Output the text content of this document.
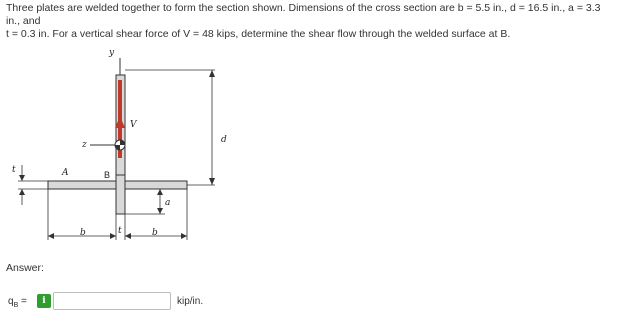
Three plates are welded together to form the section shown. Dimensions of the cross section are b = 5.5 in., d = 16.5 in., a = 3.3 in., and
t = 0.3 in. For a vertical shear force of V = 48 kips, determine the shear flow through the welded surface at B.
y
z
V
B
A
d
t
a
b	t	b
Answer:
$q_B$ =	i	kip/in.
